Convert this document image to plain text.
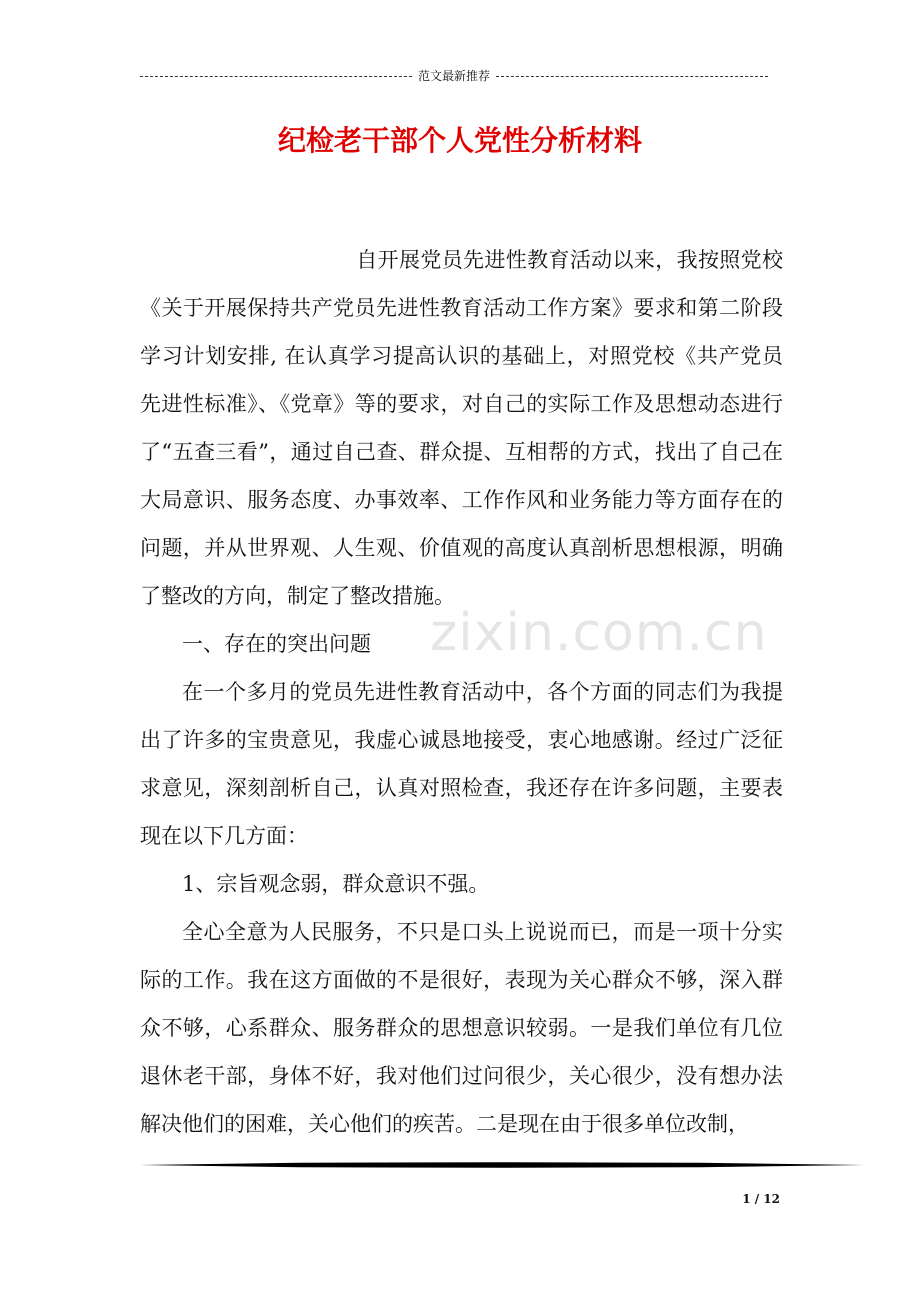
范文最新推荐
纪检老干部个人党性分析材料

自开展党员先进性教育活动以来，我按照党校《关于开展保持共产党员先进性教育活动工作方案》要求和第二阶段学习计划安排, 在认真学习提高认识的基础上，对照党校《共产党员先进性标准》、《党章》等的要求，对自己的实际工作及思想动态进行了“五查三看”，通过自己查、群众提、互相帮的方式，找出了自己在大局意识、服务态度、办事效率、工作作风和业务能力等方面存在的问题，并从世界观、人生观、价值观的高度认真剖析思想根源，明确了整改的方向，制定了整改措施。

一、存在的突出问题

在一个多月的党员先进性教育活动中，各个方面的同志们为我提出了许多的宝贵意见，我虚心诚恳地接受，衷心地感谢。经过广泛征求意见，深刻剖析自己，认真对照检查，我还存在许多问题，主要表现在以下几方面：

1、宗旨观念弱，群众意识不强。

全心全意为人民服务，不只是口头上说说而已，而是一项十分实际的工作。我在这方面做的不是很好，表现为关心群众不够，深入群众不够，心系群众、服务群众的思想意识较弱。一是我们单位有几位退休老干部，身体不好，我对他们过问很少，关心很少，没有想办法解决他们的困难，关心他们的疾苦。二是现在由于很多单位改制，

zixin.com.cn
1 / 12
